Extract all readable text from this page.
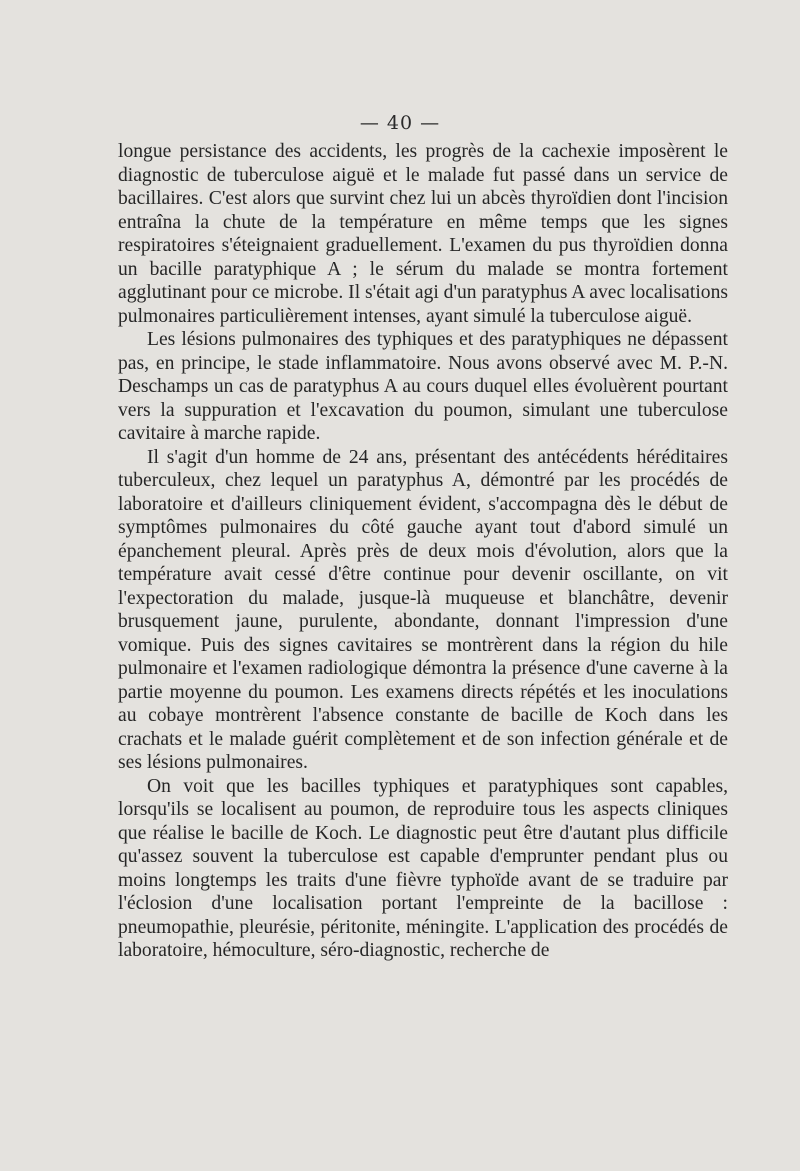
— 40 —

longue persistance des accidents, les progrès de la cachexie imposèrent le diagnostic de tuberculose aiguë et le malade fut passé dans un service de bacillaires. C'est alors que survint chez lui un abcès thyroïdien dont l'incision entraîna la chute de la température en même temps que les signes respiratoires s'éteignaient graduellement. L'examen du pus thyroïdien donna un bacille paratyphique A ; le sérum du malade se montra fortement agglutinant pour ce microbe. Il s'était agi d'un paratyphus A avec localisations pulmonaires particulièrement intenses, ayant simulé la tuberculose aiguë.

Les lésions pulmonaires des typhiques et des paratyphiques ne dépassent pas, en principe, le stade inflammatoire. Nous avons observé avec M. P.-N. Deschamps un cas de paratyphus A au cours duquel elles évoluèrent pourtant vers la suppuration et l'excavation du poumon, simulant une tuberculose cavitaire à marche rapide.

Il s'agit d'un homme de 24 ans, présentant des antécédents héréditaires tuberculeux, chez lequel un paratyphus A, démontré par les procédés de laboratoire et d'ailleurs cliniquement évident, s'accompagna dès le début de symptômes pulmonaires du côté gauche ayant tout d'abord simulé un épanchement pleural. Après près de deux mois d'évolution, alors que la température avait cessé d'être continue pour devenir oscillante, on vit l'expectoration du malade, jusque-là muqueuse et blanchâtre, devenir brusquement jaune, purulente, abondante, donnant l'impression d'une vomique. Puis des signes cavitaires se montrèrent dans la région du hile pulmonaire et l'examen radiologique démontra la présence d'une caverne à la partie moyenne du poumon. Les examens directs répétés et les inoculations au cobaye montrèrent l'absence constante de bacille de Koch dans les crachats et le malade guérit complètement et de son infection générale et de ses lésions pulmonaires.

On voit que les bacilles typhiques et paratyphiques sont capables, lorsqu'ils se localisent au poumon, de reproduire tous les aspects cliniques que réalise le bacille de Koch. Le diagnostic peut être d'autant plus difficile qu'assez souvent la tuberculose est capable d'emprunter pendant plus ou moins longtemps les traits d'une fièvre typhoïde avant de se traduire par l'éclosion d'une localisation portant l'empreinte de la bacillose : pneumopathie, pleurésie, péritonite, méningite. L'application des procédés de laboratoire, hémoculture, séro-diagnostic, recherche de
